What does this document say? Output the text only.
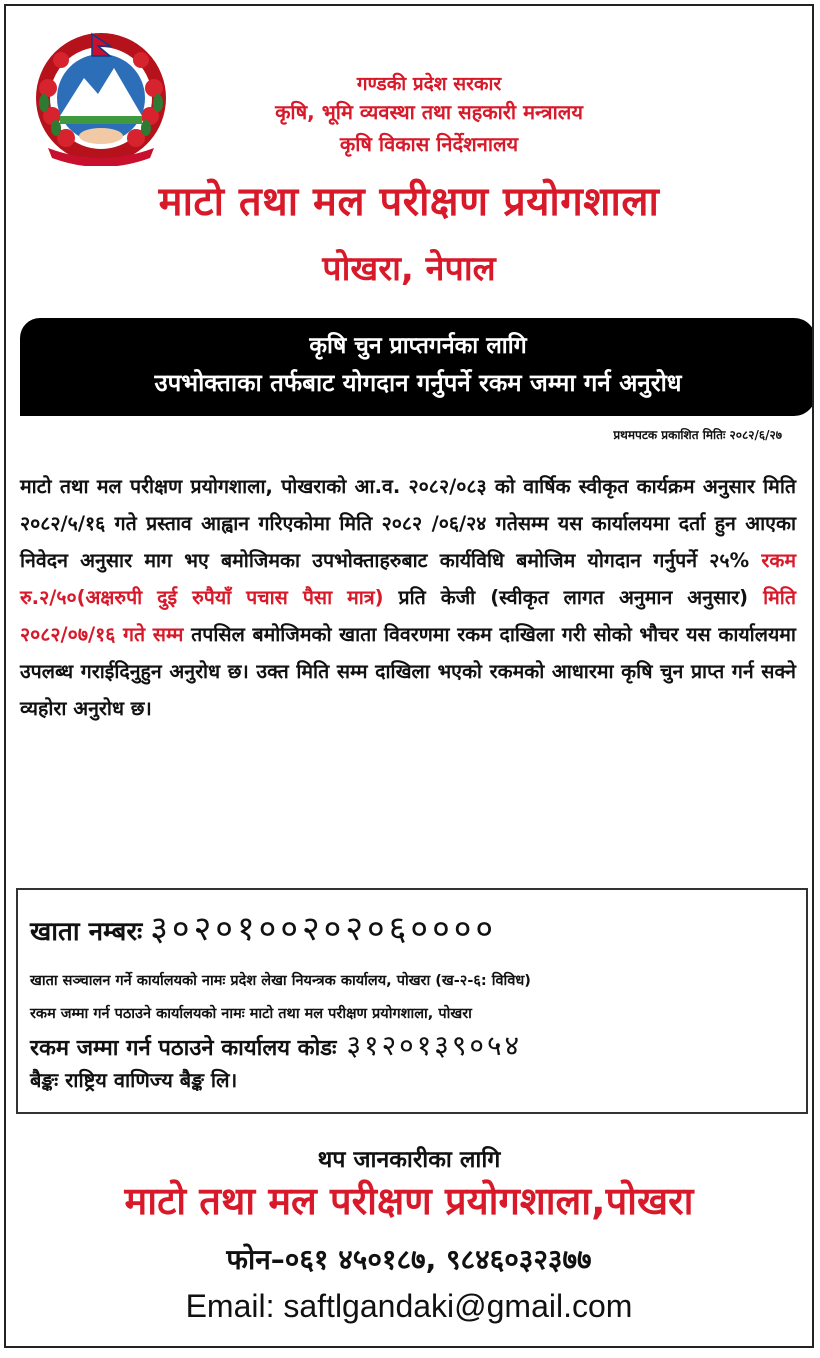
गण्डकी प्रदेश सरकार
कृषि, भूमि व्यवस्था तथा सहकारी मन्त्रालय
कृषि विकास निर्देशनालय
माटो तथा मल परीक्षण प्रयोगशाला
पोखरा, नेपाल
कृषि चुन प्राप्तगर्नका लागि
उपभोक्ताका तर्फबाट योगदान गर्नुपर्ने रकम जम्मा गर्न अनुरोध
प्रथमपटक प्रकाशित मितिः २०८२/६/२७
माटो तथा मल परीक्षण प्रयोगशाला, पोखराको आ.व. २०८२/०८३ को वार्षिक स्वीकृत कार्यक्रम अनुसार मिति २०८२/५/१६ गते प्रस्ताव आह्वान गरिएकोमा मिति २०८२ /०६/२४ गतेसम्म यस कार्यालयमा दर्ता हुन आएका निवेदन अनुसार माग भए बमोजिमका उपभोक्ताहरुबाट कार्यविधि बमोजिम योगदान गर्नुपर्ने २५% रकम रु.२/५०(अक्षरुपी दुई रुपैयाँ पचास पैसा मात्र) प्रति केजी (स्वीकृत लागत अनुमान अनुसार) मिति २०८२/०७/१६ गते सम्म तपसिल बमोजिमको खाता विवरणमा रकम दाखिला गरी सोको भौचर यस कार्यालयमा उपलब्ध गराईदिनुहुन अनुरोध छ। उक्त मिति सम्म दाखिला भएको रकमको आधारमा कृषि चुन प्राप्त गर्न सक्ने व्यहोरा अनुरोध छ।
खाता नम्बरः ३०२०१००२०२०६००००
खाता सञ्चालन गर्ने कार्यालयको नामः प्रदेश लेखा नियन्त्रक कार्यालय, पोखरा (ख-२-६: विविध)
रकम जम्मा गर्न पठाउने कार्यालयको नामः माटो तथा मल परीक्षण प्रयोगशाला, पोखरा
रकम जम्मा गर्न पठाउने कार्यालय कोडः ३१२०१३९०५४
बैङ्कः राष्ट्रिय वाणिज्य बैङ्क लि।
थप जानकारीका लागि
माटो तथा मल परीक्षण प्रयोगशाला,पोखरा
फोन–०६१ ४५०१८७, ९८४६०३२३७७
Email: saftlgandaki@gmail.com
